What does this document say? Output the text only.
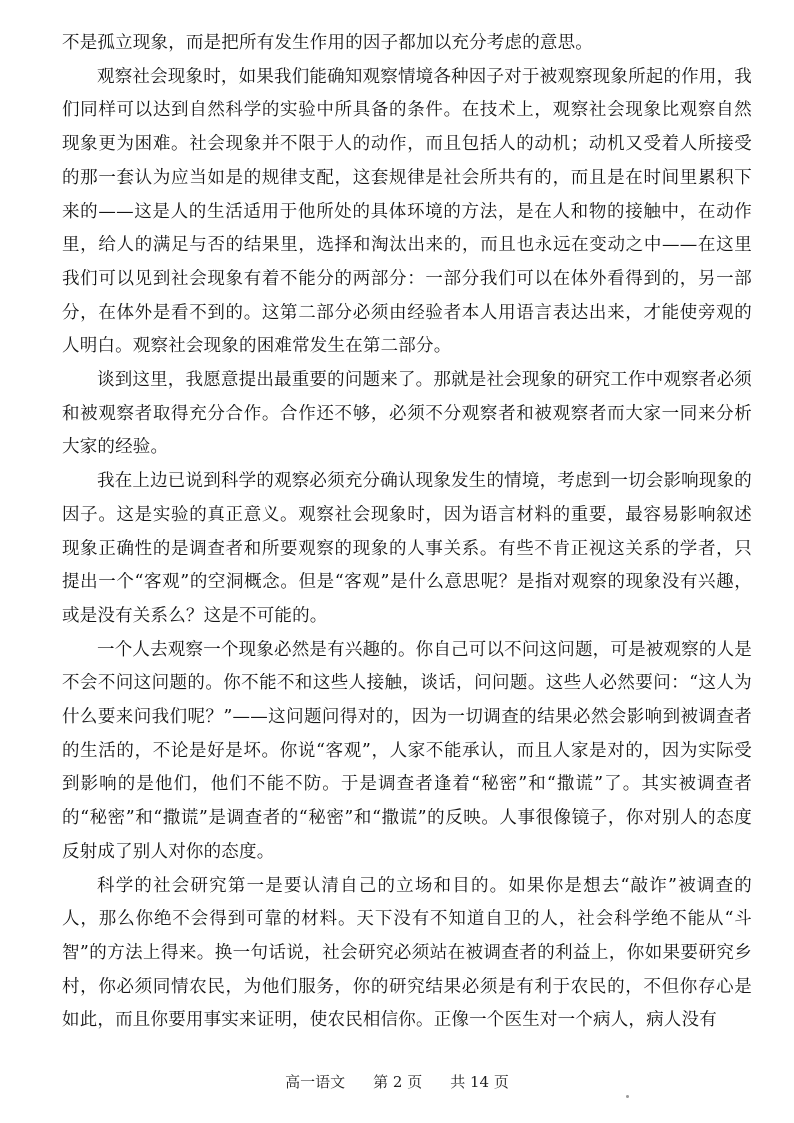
不是孤立现象，而是把所有发生作用的因子都加以充分考虑的意思。

观察社会现象时，如果我们能确知观察情境各种因子对于被观察现象所起的作用，我们同样可以达到自然科学的实验中所具备的条件。在技术上，观察社会现象比观察自然现象更为困难。社会现象并不限于人的动作，而且包括人的动机；动机又受着人所接受的那一套认为应当如是的规律支配，这套规律是社会所共有的，而且是在时间里累积下来的——这是人的生活适用于他所处的具体环境的方法，是在人和物的接触中，在动作里，给人的满足与否的结果里，选择和淘汰出来的，而且也永远在变动之中——在这里我们可以见到社会现象有着不能分的两部分：一部分我们可以在体外看得到的，另一部分，在体外是看不到的。这第二部分必须由经验者本人用语言表达出来，才能使旁观的人明白。观察社会现象的困难常发生在第二部分。

谈到这里，我愿意提出最重要的问题来了。那就是社会现象的研究工作中观察者必须和被观察者取得充分合作。合作还不够，必须不分观察者和被观察者而大家一同来分析大家的经验。

我在上边已说到科学的观察必须充分确认现象发生的情境，考虑到一切会影响现象的因子。这是实验的真正意义。观察社会现象时，因为语言材料的重要，最容易影响叙述现象正确性的是调查者和所要观察的现象的人事关系。有些不肯正视这关系的学者，只提出一个“客观”的空洞概念。但是“客观”是什么意思呢？是指对观察的现象没有兴趣，或是没有关系么？这是不可能的。

一个人去观察一个现象必然是有兴趣的。你自己可以不问这问题，可是被观察的人是不会不问这问题的。你不能不和这些人接触，谈话，问问题。这些人必然要问：“这人为什么要来问我们呢？”——这问题问得对的，因为一切调查的结果必然会影响到被调查者的生活的，不论是好是坏。你说“客观”，人家不能承认，而且人家是对的，因为实际受到影响的是他们，他们不能不防。于是调查者逢着“秘密”和“撒谎”了。其实被调查者的“秘密”和“撒谎”是调查者的“秘密”和“撒谎”的反映。人事很像镜子，你对别人的态度反射成了别人对你的态度。

科学的社会研究第一是要认清自己的立场和目的。如果你是想去“敲诈”被调查的人，那么你绝不会得到可靠的材料。天下没有不知道自卫的人，社会科学绝不能从“斗智”的方法上得来。换一句话说，社会研究必须站在被调查者的利益上，你如果要研究乡村，你必须同情农民，为他们服务，你的研究结果必须是有利于农民的，不但你存心是如此，而且你要用事实来证明，使农民相信你。正像一个医生对一个病人，病人没有

高一语文 第 2 页 共 14 页
